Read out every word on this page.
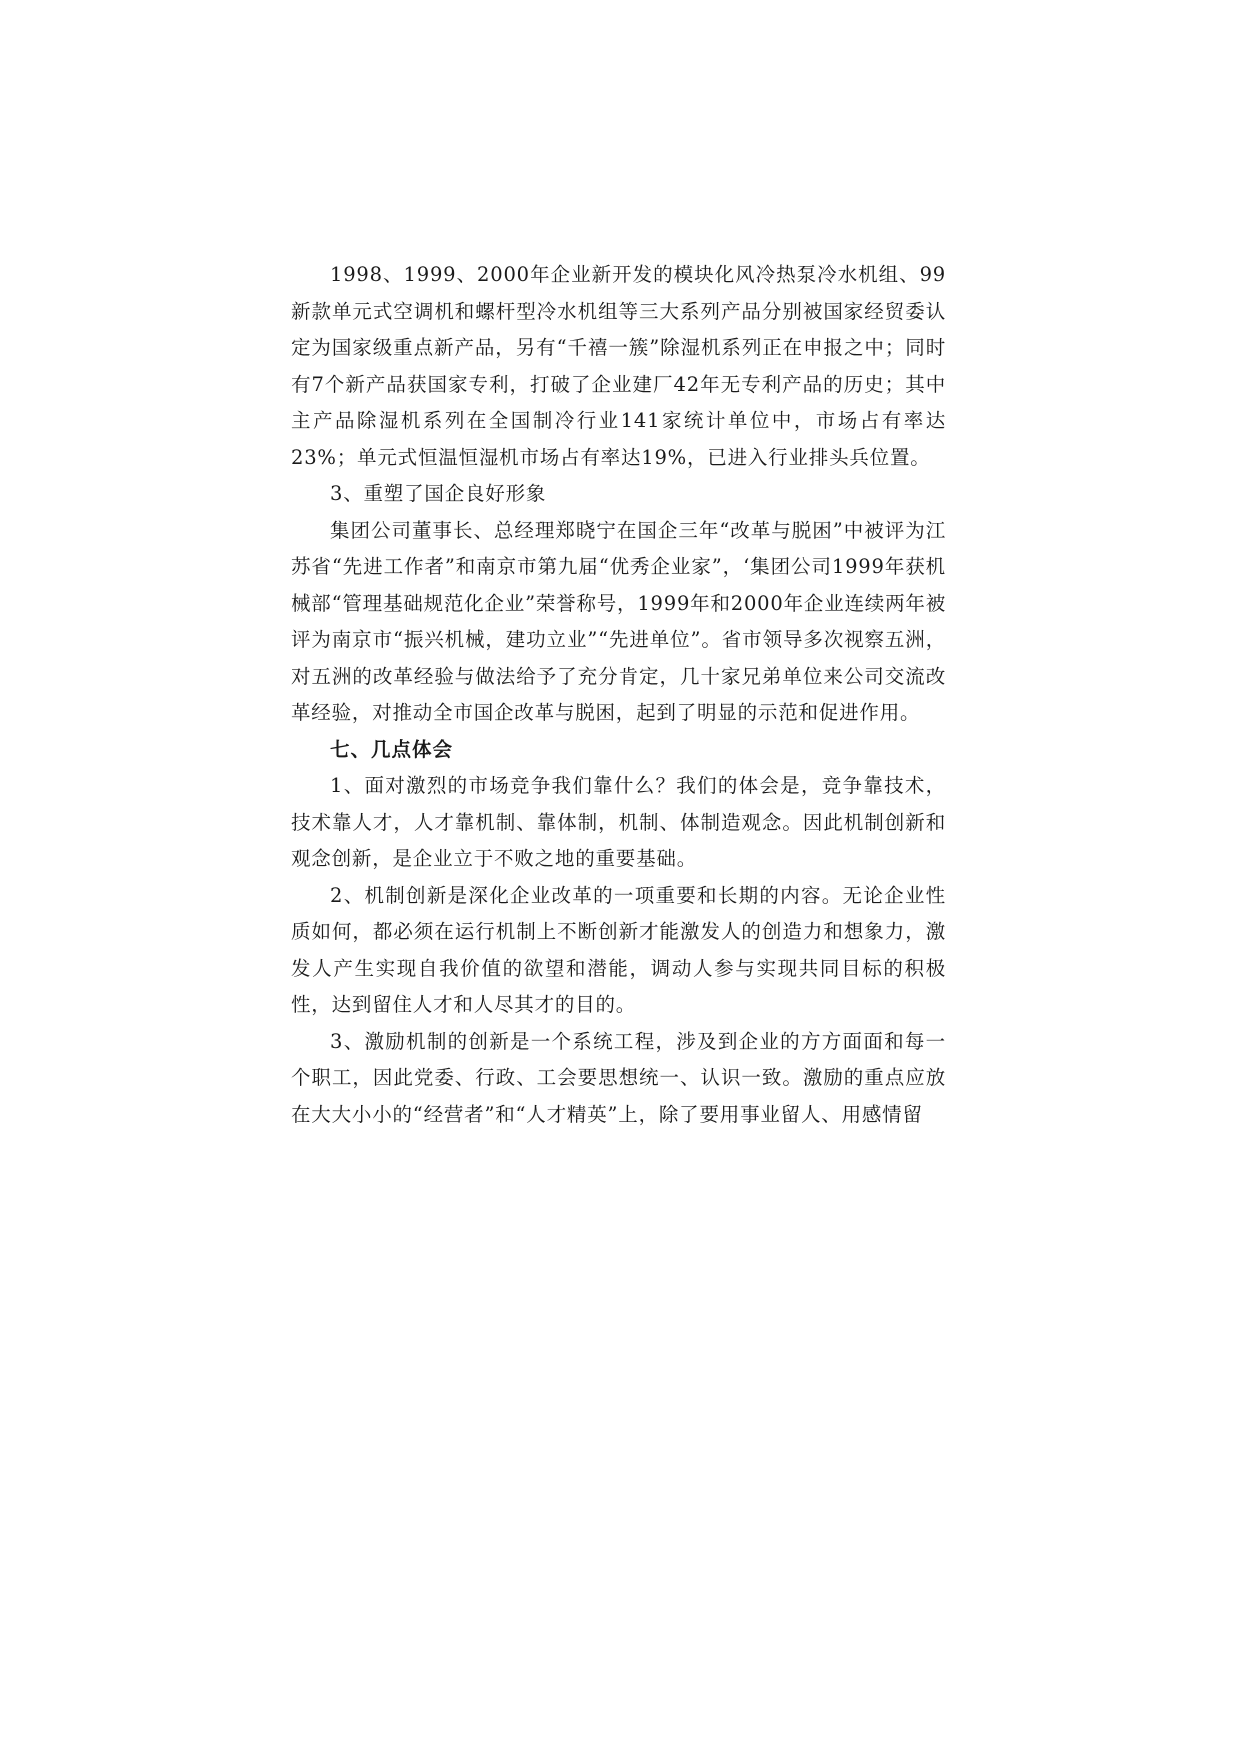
1998、1999、2000年企业新开发的模块化风冷热泵冷水机组、99新款单元式空调机和螺杆型冷水机组等三大系列产品分别被国家经贸委认定为国家级重点新产品，另有“千禧一簇”除湿机系列正在申报之中；同时有7个新产品获国家专利，打破了企业建厂42年无专利产品的历史；其中主产品除湿机系列在全国制冷行业141家统计单位中，市场占有率达23%；单元式恒温恒湿机市场占有率达19%，已进入行业排头兵位置。

3、重塑了国企良好形象

集团公司董事长、总经理郑晓宁在国企三年“改革与脱困”中被评为江苏省“先进工作者”和南京市第九届“优秀企业家”，‘集团公司1999年获机械部“管理基础规范化企业”荣誉称号，1999年和2000年企业连续两年被评为南京市“振兴机械，建功立业”“先进单位”。省市领导多次视察五洲，对五洲的改革经验与做法给予了充分肯定，几十家兄弟单位来公司交流改革经验，对推动全市国企改革与脱困，起到了明显的示范和促进作用。

七、几点体会

1、面对激烈的市场竞争我们靠什么？我们的体会是，竞争靠技术，技术靠人才，人才靠机制、靠体制，机制、体制造观念。因此机制创新和观念创新，是企业立于不败之地的重要基础。

2、机制创新是深化企业改革的一项重要和长期的内容。无论企业性质如何，都必须在运行机制上不断创新才能激发人的创造力和想象力，激发人产生实现自我价值的欲望和潜能，调动人参与实现共同目标的积极性，达到留住人才和人尽其才的目的。

3、激励机制的创新是一个系统工程，涉及到企业的方方面面和每一个职工，因此党委、行政、工会要思想统一、认识一致。激励的重点应放在大大小小的“经营者”和“人才精英”上，除了要用事业留人、用感情留
